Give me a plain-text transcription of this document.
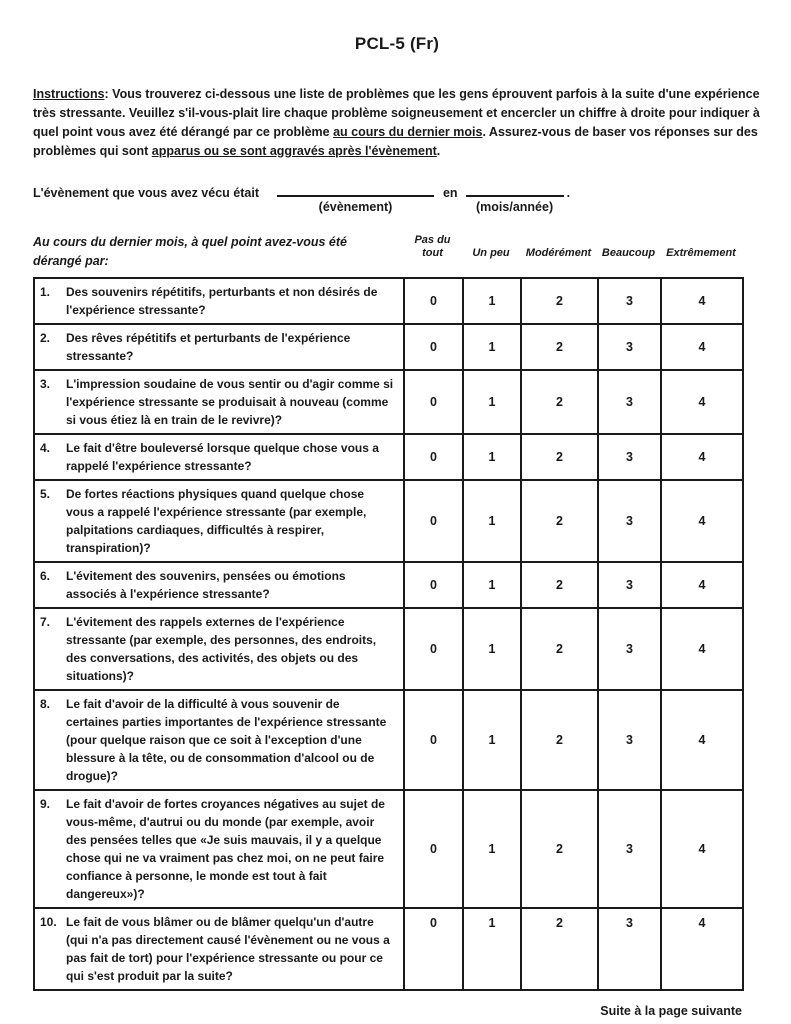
PCL-5 (Fr)
Instructions: Vous trouverez ci-dessous une liste de problèmes que les gens éprouvent parfois à la suite d'une expérience très stressante. Veuillez s'il-vous-plait lire chaque problème soigneusement et encercler un chiffre à droite pour indiquer à quel point vous avez été dérangé par ce problème au cours du dernier mois. Assurez-vous de baser vos réponses sur des problèmes qui sont apparus ou se sont aggravés après l'évènement.
L'évènement que vous avez vécu était
(évènement)
en
(mois/année)
.
Au cours du dernier mois, à quel point avez-vous été dérangé par:
Pas du tout	Un peu	Modérément Beaucoup	Extrêmement
1. Des souvenirs répétitifs, perturbants et non désirés de l'expérience stressante?	0	1	2	3	4

2. Des rêves répétitifs et perturbants de l'expérience stressante?	0	1	2	3	4

3. L'impression soudaine de vous sentir ou d'agir comme si l'expérience stressante se produisait à nouveau (comme si vous étiez là en train de le revivre)?	0	1	2	3	4

4. Le fait d'être bouleversé lorsque quelque chose vous a rappelé l'expérience stressante?	0	1	2	3	4

5. De fortes réactions physiques quand quelque chose vous a rappelé l'expérience stressante (par exemple, palpitations cardiaques, difficultés à respirer, transpiration)?	0	1	2	3	4

6. L'évitement des souvenirs, pensées ou émotions associés à l'expérience stressante?	0	1	2	3	4

7. L'évitement des rappels externes de l'expérience stressante (par exemple, des personnes, des endroits, des conversations, des activités, des objets ou des situations)?	0	1	2	3	4

8. Le fait d'avoir de la difficulté à vous souvenir de certaines parties importantes de l'expérience stressante (pour quelque raison que ce soit à l'exception d'une blessure à la tête, ou de consommation d'alcool ou de drogue)?	0	1	2	3	4

9. Le fait d'avoir de fortes croyances négatives au sujet de vous-même, d'autrui ou du monde (par exemple, avoir des pensées telles que «Je suis mauvais, il y a quelque chose qui ne va vraiment pas chez moi, on ne peut faire confiance à personne, le monde est tout à fait dangereux»)?	0	1	2	3	4

10. Le fait de vous blâmer ou de blâmer quelqu'un d'autre (qui n'a pas directement causé l'évènement ou ne vous a pas fait de tort) pour l'expérience stressante ou pour ce qui s'est produit par la suite?	0	1	2	3	4
Suite à la page suivante
